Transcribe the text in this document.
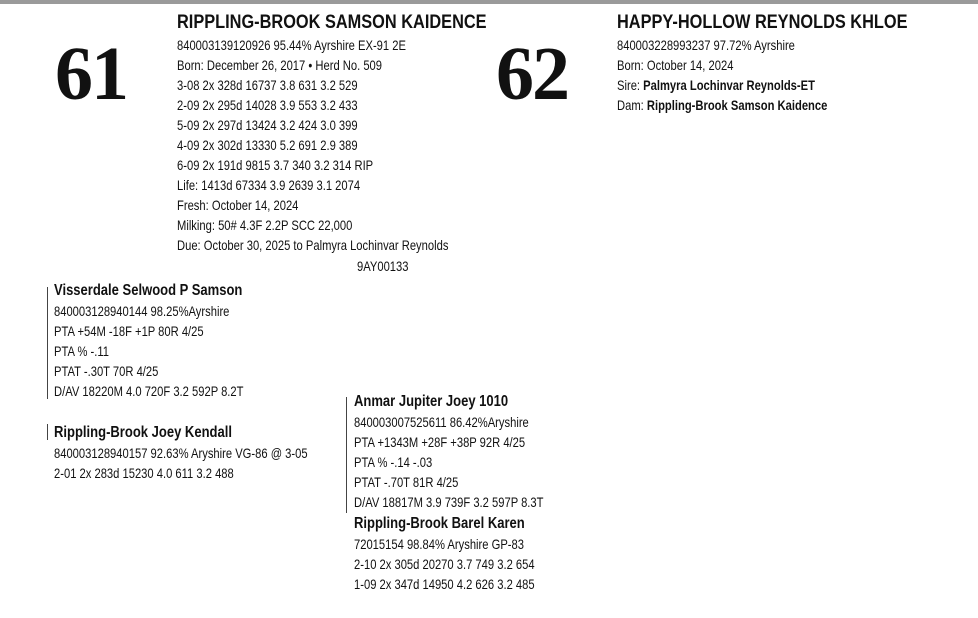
61
RIPPLING-BROOK SAMSON KAIDENCE
840003139120926 95.44% Ayrshire EX-91 2E
Born: December 26, 2017 • Herd No. 509
3-08 2x 328d 16737 3.8 631 3.2 529
2-09 2x 295d 14028 3.9 553 3.2 433
5-09 2x 297d 13424 3.2 424 3.0 399
4-09 2x 302d 13330 5.2 691 2.9 389
6-09 2x 191d 9815 3.7 340 3.2 314 RIP
Life: 1413d 67334 3.9 2639 3.1 2074
Fresh: October 14, 2024
Milking: 50# 4.3F 2.2P SCC 22,000
Due: October 30, 2025 to Palmyra Lochinvar Reynolds
9AY00133
62
HAPPY-HOLLOW REYNOLDS KHLOE
840003228993237 97.72% Ayrshire
Born: October 14, 2024
Sire: Palmyra Lochinvar Reynolds-ET
Dam: Rippling-Brook Samson Kaidence
Visserdale Selwood P Samson
840003128940144 98.25%Ayrshire
PTA +54M -18F +1P 80R 4/25
PTA % -.11
PTAT -.30T 70R 4/25
D/AV 18220M 4.0 720F 3.2 592P 8.2T
Rippling-Brook Joey Kendall
840003128940157 92.63% Aryshire VG-86 @ 3-05
2-01 2x 283d 15230 4.0 611 3.2 488
Anmar Jupiter Joey 1010
840003007525611 86.42%Aryshire
PTA +1343M +28F +38P 92R 4/25
PTA % -.14 -.03
PTAT -.70T 81R 4/25
D/AV 18817M 3.9 739F 3.2 597P 8.3T
Rippling-Brook Barel Karen
72015154 98.84% Aryshire GP-83
2-10 2x 305d 20270 3.7 749 3.2 654
1-09 2x 347d 14950 4.2 626 3.2 485
